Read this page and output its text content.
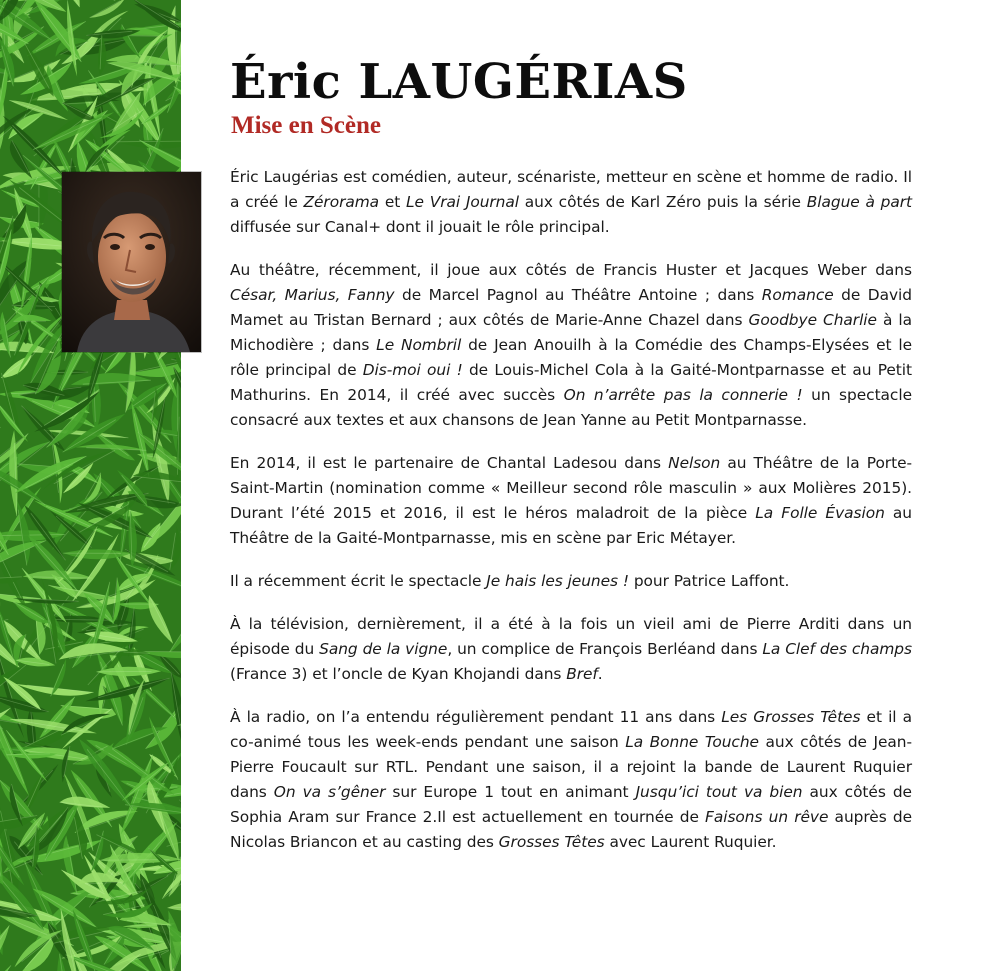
Éric LAUGÉRIAS
Mise en Scène

Éric Laugérias est comédien, auteur, scénariste, metteur en scène et homme de radio. Il a créé le Zérorama et Le Vrai Journal aux côtés de Karl Zéro puis la série Blague à part diffusée sur Canal+ dont il jouait le rôle principal.

Au théâtre, récemment, il joue aux côtés de Francis Huster et Jacques Weber dans César, Marius, Fanny de Marcel Pagnol au Théâtre Antoine ; dans Romance de David Mamet au Tristan Bernard ; aux côtés de Marie-Anne Chazel dans Goodbye Charlie à la Michodière ; dans Le Nombril de Jean Anouilh à la Comédie des Champs-Elysées et le rôle principal de Dis-moi oui ! de Louis-Michel Cola à la Gaité-Montparnasse et au Petit Mathurins. En 2014, il créé avec succès On n’arrête pas la connerie ! un spectacle consacré aux textes et aux chansons de Jean Yanne au Petit Montparnasse.

En 2014, il est le partenaire de Chantal Ladesou dans Nelson au Théâtre de la Porte-Saint-Martin (nomination comme « Meilleur second rôle masculin » aux Molières 2015). Durant l’été 2015 et 2016, il est le héros maladroit de la pièce La Folle Évasion au Théâtre de la Gaité-Montparnasse, mis en scène par Eric Métayer.

Il a récemment écrit le spectacle Je hais les jeunes ! pour Patrice Laffont.

À la télévision, dernièrement, il a été à la fois un vieil ami de Pierre Arditi dans un épisode du Sang de la vigne, un complice de François Berléand dans La Clef des champs (France 3) et l’oncle de Kyan Khojandi dans Bref.

À la radio, on l’a entendu régulièrement pendant 11 ans dans Les Grosses Têtes et il a co-animé tous les week-ends pendant une saison La Bonne Touche aux côtés de Jean-Pierre Foucault sur RTL. Pendant une saison, il a rejoint la bande de Laurent Ruquier dans On va s’gêner sur Europe 1 tout en animant Jusqu’ici tout va bien aux côtés de Sophia Aram sur France 2.Il est actuellement en tournée de Faisons un rêve auprès de Nicolas Briancon et au casting des Grosses Têtes avec Laurent Ruquier.
